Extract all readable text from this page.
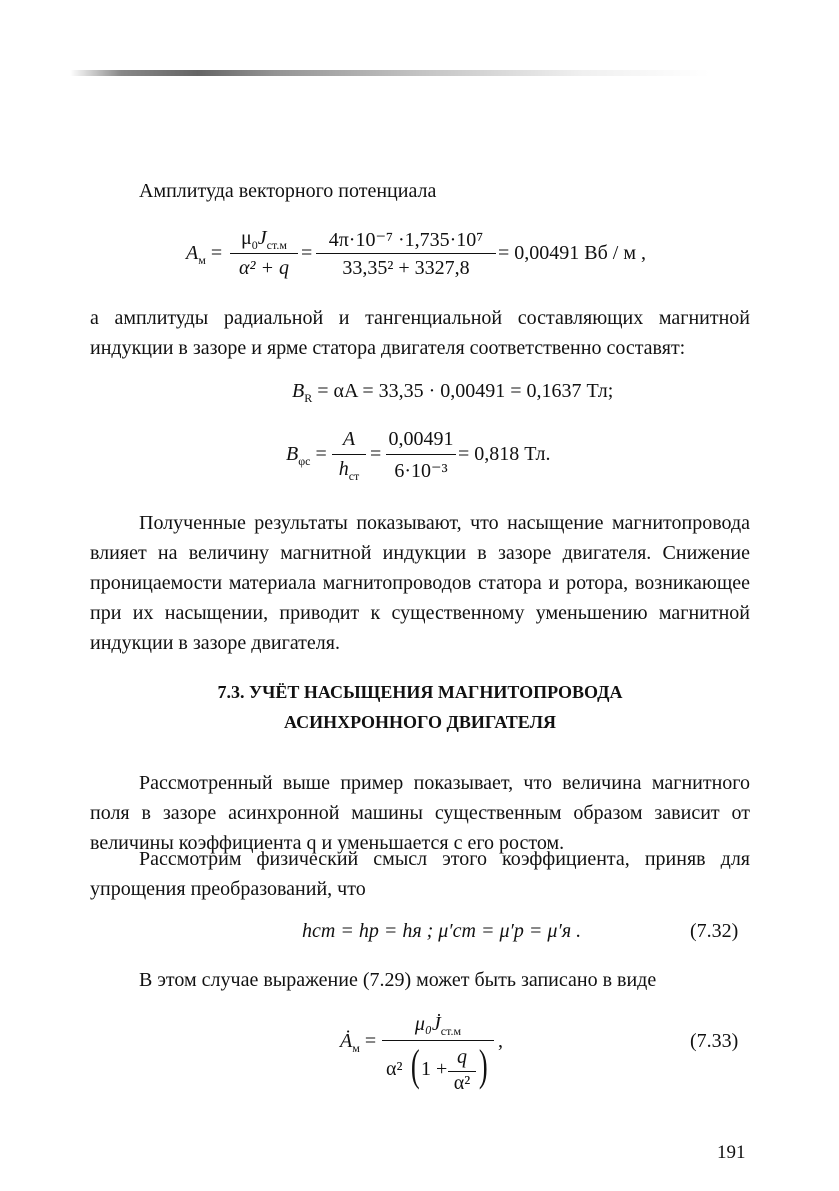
Амплитуда векторного потенциала
$A_м$ =
$\mu_0J_{ст.м}$
α² + q
=
4π·10⁻⁷ ·1,735·10⁷
33,35² + 3327,8
= 0,00491 Вб / м ,
а амплитуды радиальной и тангенциальной составляющих магнитной индукции в зазоре и ярме статора двигателя соответственно составят:
$B_R = \alpha A = 33,35 \cdot 0,00491 = 0,1637$ Тл;
$B_{\varphi с}$ =
A
$h_{ст}$
=
0,00491
6·10⁻³
= 0,818 Тл.
Полученные результаты показывают, что насыщение магнитопровода влияет на величину магнитной индукции в зазоре двигателя. Снижение проницаемости материала магнитопроводов статора и ротора, возникающее при их насыщении, приводит к существенному уменьшению магнитной индукции в зазоре двигателя.
7.3. УЧЁТ НАСЫЩЕНИЯ МАГНИТОПРОВОДА
АСИНХРОННОГО ДВИГАТЕЛЯ
Рассмотренный выше пример показывает, что величина магнитного поля в зазоре асинхронной машины существенным образом зависит от величины коэффициента q и уменьшается с его ростом.
Рассмотрим физический смысл этого коэффициента, приняв для упрощения преобразований, что
hст = hр = hя ; μ′ст = μ′р = μ′я .	(7.32)
В этом случае выражение (7.29) может быть записано в виде
$Ȧ_м$ =
$\mu_0J̇_{ст.м}$
α² ( 1 +
q
α² ) ,	(7.33)
191
